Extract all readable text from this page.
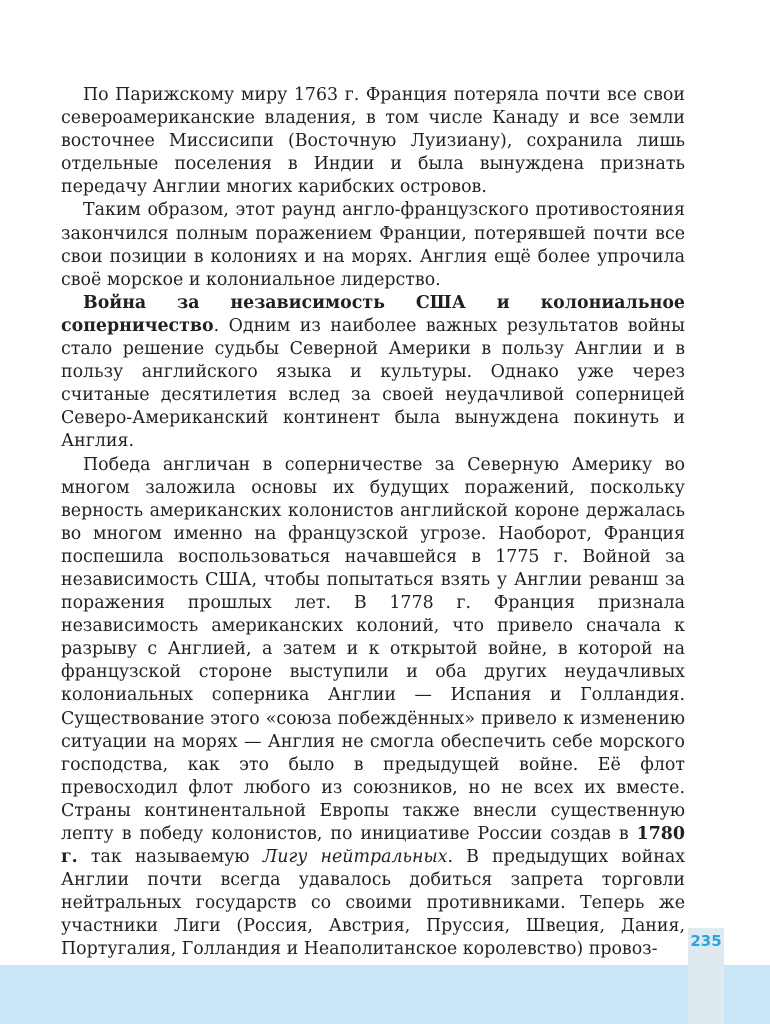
По Парижскому миру 1763 г. Франция потеряла почти все свои североамериканские владения, в том числе Канаду и все земли восточнее Миссисипи (Восточную Луизиану), сохранила лишь отдельные поселения в Индии и была вынуждена признать передачу Англии многих карибских островов.

Таким образом, этот раунд англо-французского противостояния закончился полным поражением Франции, потерявшей почти все свои позиции в колониях и на морях. Англия ещё более упрочила своё морское и колониальное лидерство.

Война за независимость США и колониальное соперничество. Одним из наиболее важных результатов войны стало решение судьбы Северной Америки в пользу Англии и в пользу английского языка и культуры. Однако уже через считаные десятилетия вслед за своей неудачливой соперницей Северо-Американский континент была вынуждена покинуть и Англия.

Победа англичан в соперничестве за Северную Америку во многом заложила основы их будущих поражений, поскольку верность американских колонистов английской короне держалась во многом именно на французской угрозе. Наоборот, Франция поспешила воспользоваться начавшейся в 1775 г. Войной за независимость США, чтобы попытаться взять у Англии реванш за поражения прошлых лет. В 1778 г. Франция признала независимость американских колоний, что привело сначала к разрыву с Англией, а затем и к открытой войне, в которой на французской стороне выступили и оба других неудачливых колониальных соперника Англии — Испания и Голландия. Существование этого «союза побеждённых» привело к изменению ситуации на морях — Англия не смогла обеспечить себе морского господства, как это было в предыдущей войне. Её флот превосходил флот любого из союзников, но не всех их вместе. Страны континентальной Европы также внесли существенную лепту в победу колонистов, по инициативе России создав в 1780 г. так называемую Лигу нейтральных. В предыдущих войнах Англии почти всегда удавалось добиться запрета торговли нейтральных государств со своими противниками. Теперь же участники Лиги (Россия, Австрия, Пруссия, Швеция, Дания, Португалия, Голландия и Неаполитанское королевство) провоз-	235
